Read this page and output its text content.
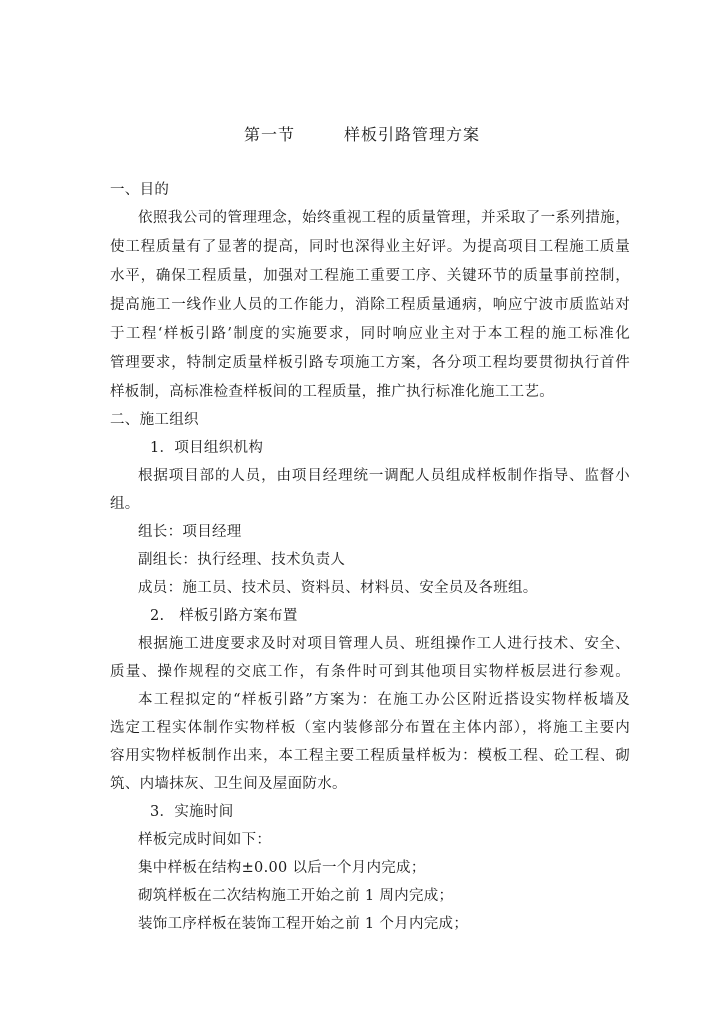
第一节	样板引路管理方案
一、目的
依照我公司的管理理念，始终重视工程的质量管理，并采取了一系列措施，
使工程质量有了显著的提高，同时也深得业主好评。为提高项目工程施工质量
水平，确保工程质量，加强对工程施工重要工序、关键环节的质量事前控制，
提高施工一线作业人员的工作能力，消除工程质量通病，响应宁波市质监站对
于工程‘样板引路’制度的实施要求，同时响应业主对于本工程的施工标准化
管理要求，特制定质量样板引路专项施工方案，各分项工程均要贯彻执行首件
样板制，高标准检查样板间的工程质量，推广执行标准化施工工艺。
二、施工组织
1．项目组织机构
根据项目部的人员，由项目经理统一调配人员组成样板制作指导、监督小
组。
组长：项目经理
副组长：执行经理、技术负责人
成员：施工员、技术员、资料员、材料员、安全员及各班组。
2.　样板引路方案布置
根据施工进度要求及时对项目管理人员、班组操作工人进行技术、安全、
质量、操作规程的交底工作，有条件时可到其他项目实物样板层进行参观。
本工程拟定的“样板引路”方案为：在施工办公区附近搭设实物样板墙及
选定工程实体制作实物样板（室内装修部分布置在主体内部），将施工主要内
容用实物样板制作出来，本工程主要工程质量样板为：模板工程、砼工程、砌
筑、内墙抹灰、卫生间及屋面防水。
3．实施时间
样板完成时间如下：
集中样板在结构±0.00 以后一个月内完成；
砌筑样板在二次结构施工开始之前 1 周内完成；
装饰工序样板在装饰工程开始之前 1 个月内完成；
